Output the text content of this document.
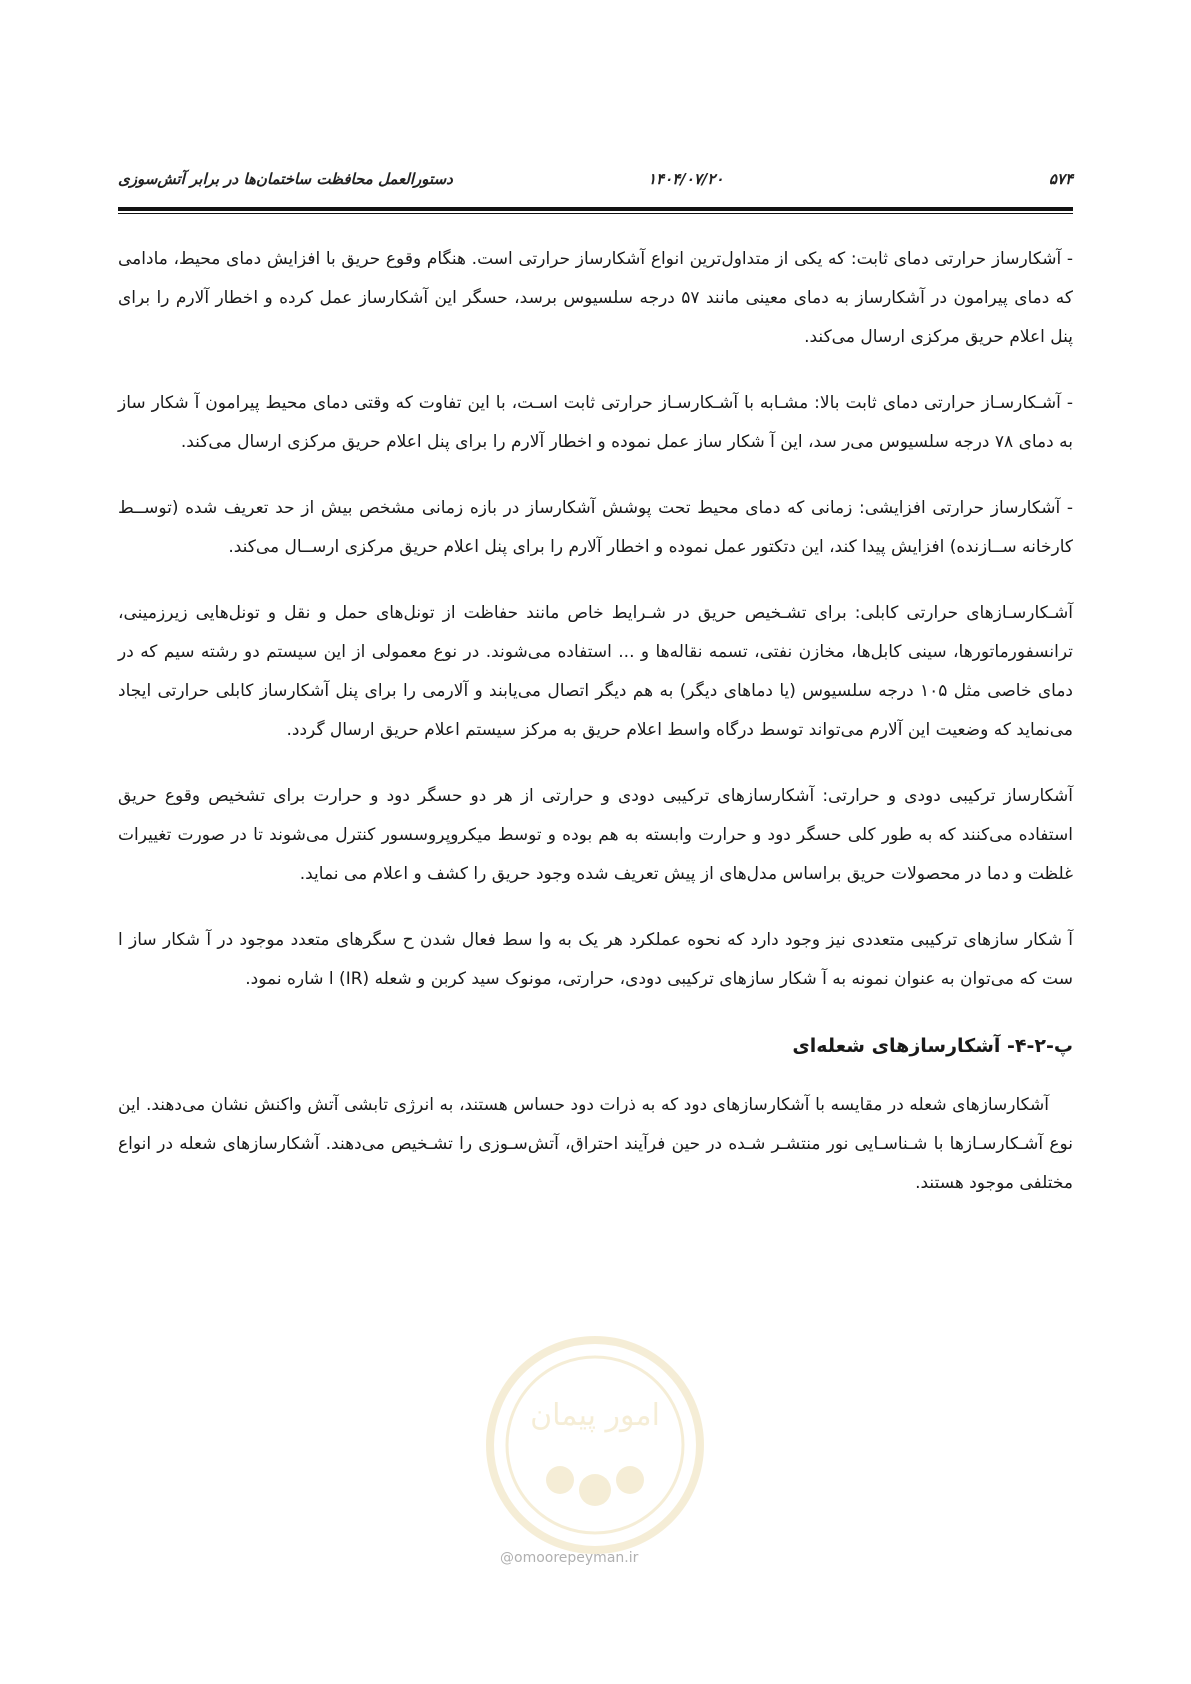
۵۷۴
۱۴۰۴/۰۷/۲۰
دستورالعمل محافظت ساختمان‌ها در برابر آتش‌سوزی

- آشکارساز حرارتی دمای ثابت: که یکی از متداول‌ترین انواع آشکارساز حرارتی است. هنگام وقوع حریق با افزایش دمای محیط، مادامی که دمای پیرامون در آشکارساز به دمای معینی مانند ۵۷ درجه سلسیوس برسد، حسگر این آشکارساز عمل کرده و اخطار آلارم را برای پنل اعلام حریق مرکزی ارسال می‌کند.

- آشـکارسـاز حرارتی دمای ثابت بالا: مشـابه با آشـکارسـاز حرارتی ثابت اسـت، با این تفاوت که وقتی دمای محیط پیرامون آ شکار ساز به دمای ۷۸ درجه سلسیوس می‌ر سد، این آ شکار ساز عمل نموده و اخطار آلارم را برای پنل اعلام حریق مرکزی ارسال می‌کند.

- آشکارساز حرارتی افزایشی: زمانی که دمای محیط تحت پوشش آشکارساز در بازه زمانی مشخص بیش از حد تعریف شده (توســط کارخانه ســازنده) افزایش پیدا کند، این دتکتور عمل نموده و اخطار آلارم را برای پنل اعلام حریق مرکزی ارســال می‌کند.

آشـکارسـازهای حرارتی کابلی: برای تشـخیص حریق در شـرایط خاص مانند حفاظت از تونل‌های حمل و نقل و تونل‌هایی زیرزمینی، ترانسفورماتورها، سینی کابل‌ها، مخازن نفتی، تسمه نقاله‌ها و ... استفاده می‌شوند. در نوع معمولی از این سیستم دو رشته سیم که در دمای خاصی مثل ۱۰۵ درجه سلسیوس (یا دماهای دیگر) به هم دیگر اتصال می‌یابند و آلارمی را برای پنل آشکارساز کابلی حرارتی ایجاد می‌نماید که وضعیت این آلارم می‌تواند توسط درگاه واسط اعلام حریق به مرکز سیستم اعلام حریق ارسال گردد.

آشکارساز ترکیبی دودی و حرارتی: آشکارسازهای ترکیبی دودی و حرارتی از هر دو حسگر دود و حرارت برای تشخیص وقوع حریق استفاده می‌کنند که به طور کلی حسگر دود و حرارت وابسته به هم بوده و توسط میکروپروسسور کنترل می‌شوند تا در صورت تغییرات غلظت و دما در محصولات حریق براساس مدل‌های از پیش تعریف شده وجود حریق را کشف و اعلام می نماید.

آ شکار سازهای ترکیبی متعددی نیز وجود دارد که نحوه عملکرد هر یک به وا سط فعال شدن ح سگرهای متعدد موجود در آ شکار ساز ا ست که می‌توان به عنوان نمونه به آ شکار سازهای ترکیبی دودی، حرارتی، مونوک سید کربن و شعله (IR) ا شاره نمود.

پ-۲-۴- آشکارسازهای شعله‌ای

آشکارسازهای شعله در مقایسه با آشکارسازهای دود که به ذرات دود حساس هستند، به انرژی تابشی آتش واکنش نشان می‌دهند. این نوع آشـکارسـازها با شـناسـایی نور منتشـر شـده در حین فرآیند احتراق، آتش‌سـوزی را تشـخیص می‌دهند. آشکارسازهای شعله در انواع مختلفی موجود هستند.

امور پیمان
@omoorepeyman.ir
